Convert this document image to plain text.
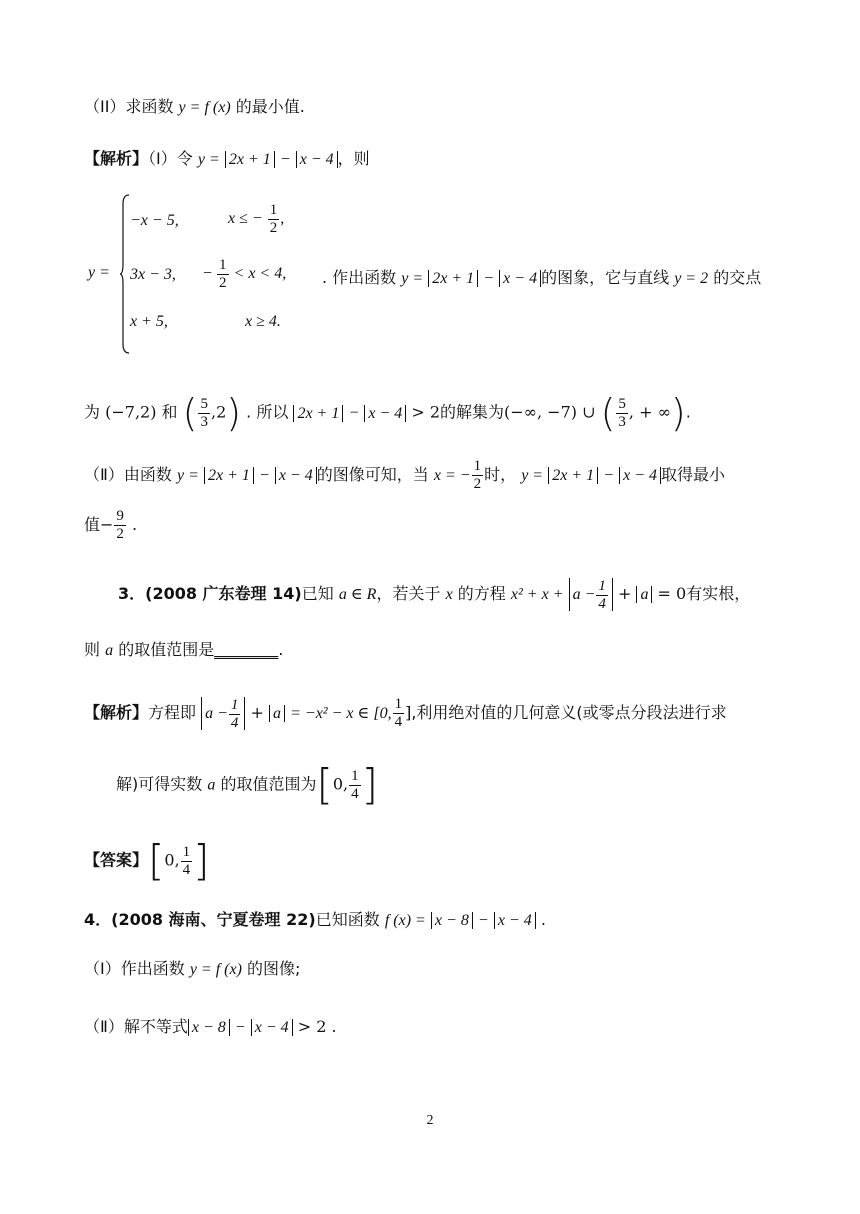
（II）求函数 y = f (x) 的最小值.
【解析】（Ⅰ）令 y = 2x + 1 − x − 4 ，则
y =
−x − 5,	x ≤ − $\frac{1}{2}$ ,
3x − 3, − $\frac{1}{2} < x < 4$,
x + 5,	x ≥ 4.
. 作出函数 y = 2x + 1 − x − 4 的图象，它与直线 y = 2 的交点
为 (−7,2) 和 ( $\frac{5}{3} ,2$) . 所以 2x + 1 − x − 4 > 2的解集为(−∞, −7) ∪ ( $\frac{5}{3}$ , + ∞).
（Ⅱ）由函数 y = 2x + 1 − x − 4 的图像可知，当 x = − $\frac{1}{2}$ 时， y = 2x + 1 − x − 4 取得最小
值− $\frac{9}{2}$ .
3．(2008 广东卷理 14)已知 a ∈ R，若关于 x 的方程 $x^2 + x + a - \frac{1}{4} + a = 0$有实根，
则 a 的取值范围是________.
【解析】方程即 $a - \frac{1}{4} + a = -x^2 - x$ ∈ [0, $\frac{1}{4}$ ],利用绝对值的几何意义(或零点分段法进行求
解)可得实数 a 的取值范围为[0, $\frac{1}{4}$ ]
【答案】[0, $\frac{1}{4}$ ]
4．(2008 海南、宁夏卷理 22)已知函数 f (x) = x − 8 − x − 4 .
（Ⅰ）作出函数 y = f (x) 的图像;
（Ⅱ）解不等式 x − 8 − x − 4 > 2 .
2
